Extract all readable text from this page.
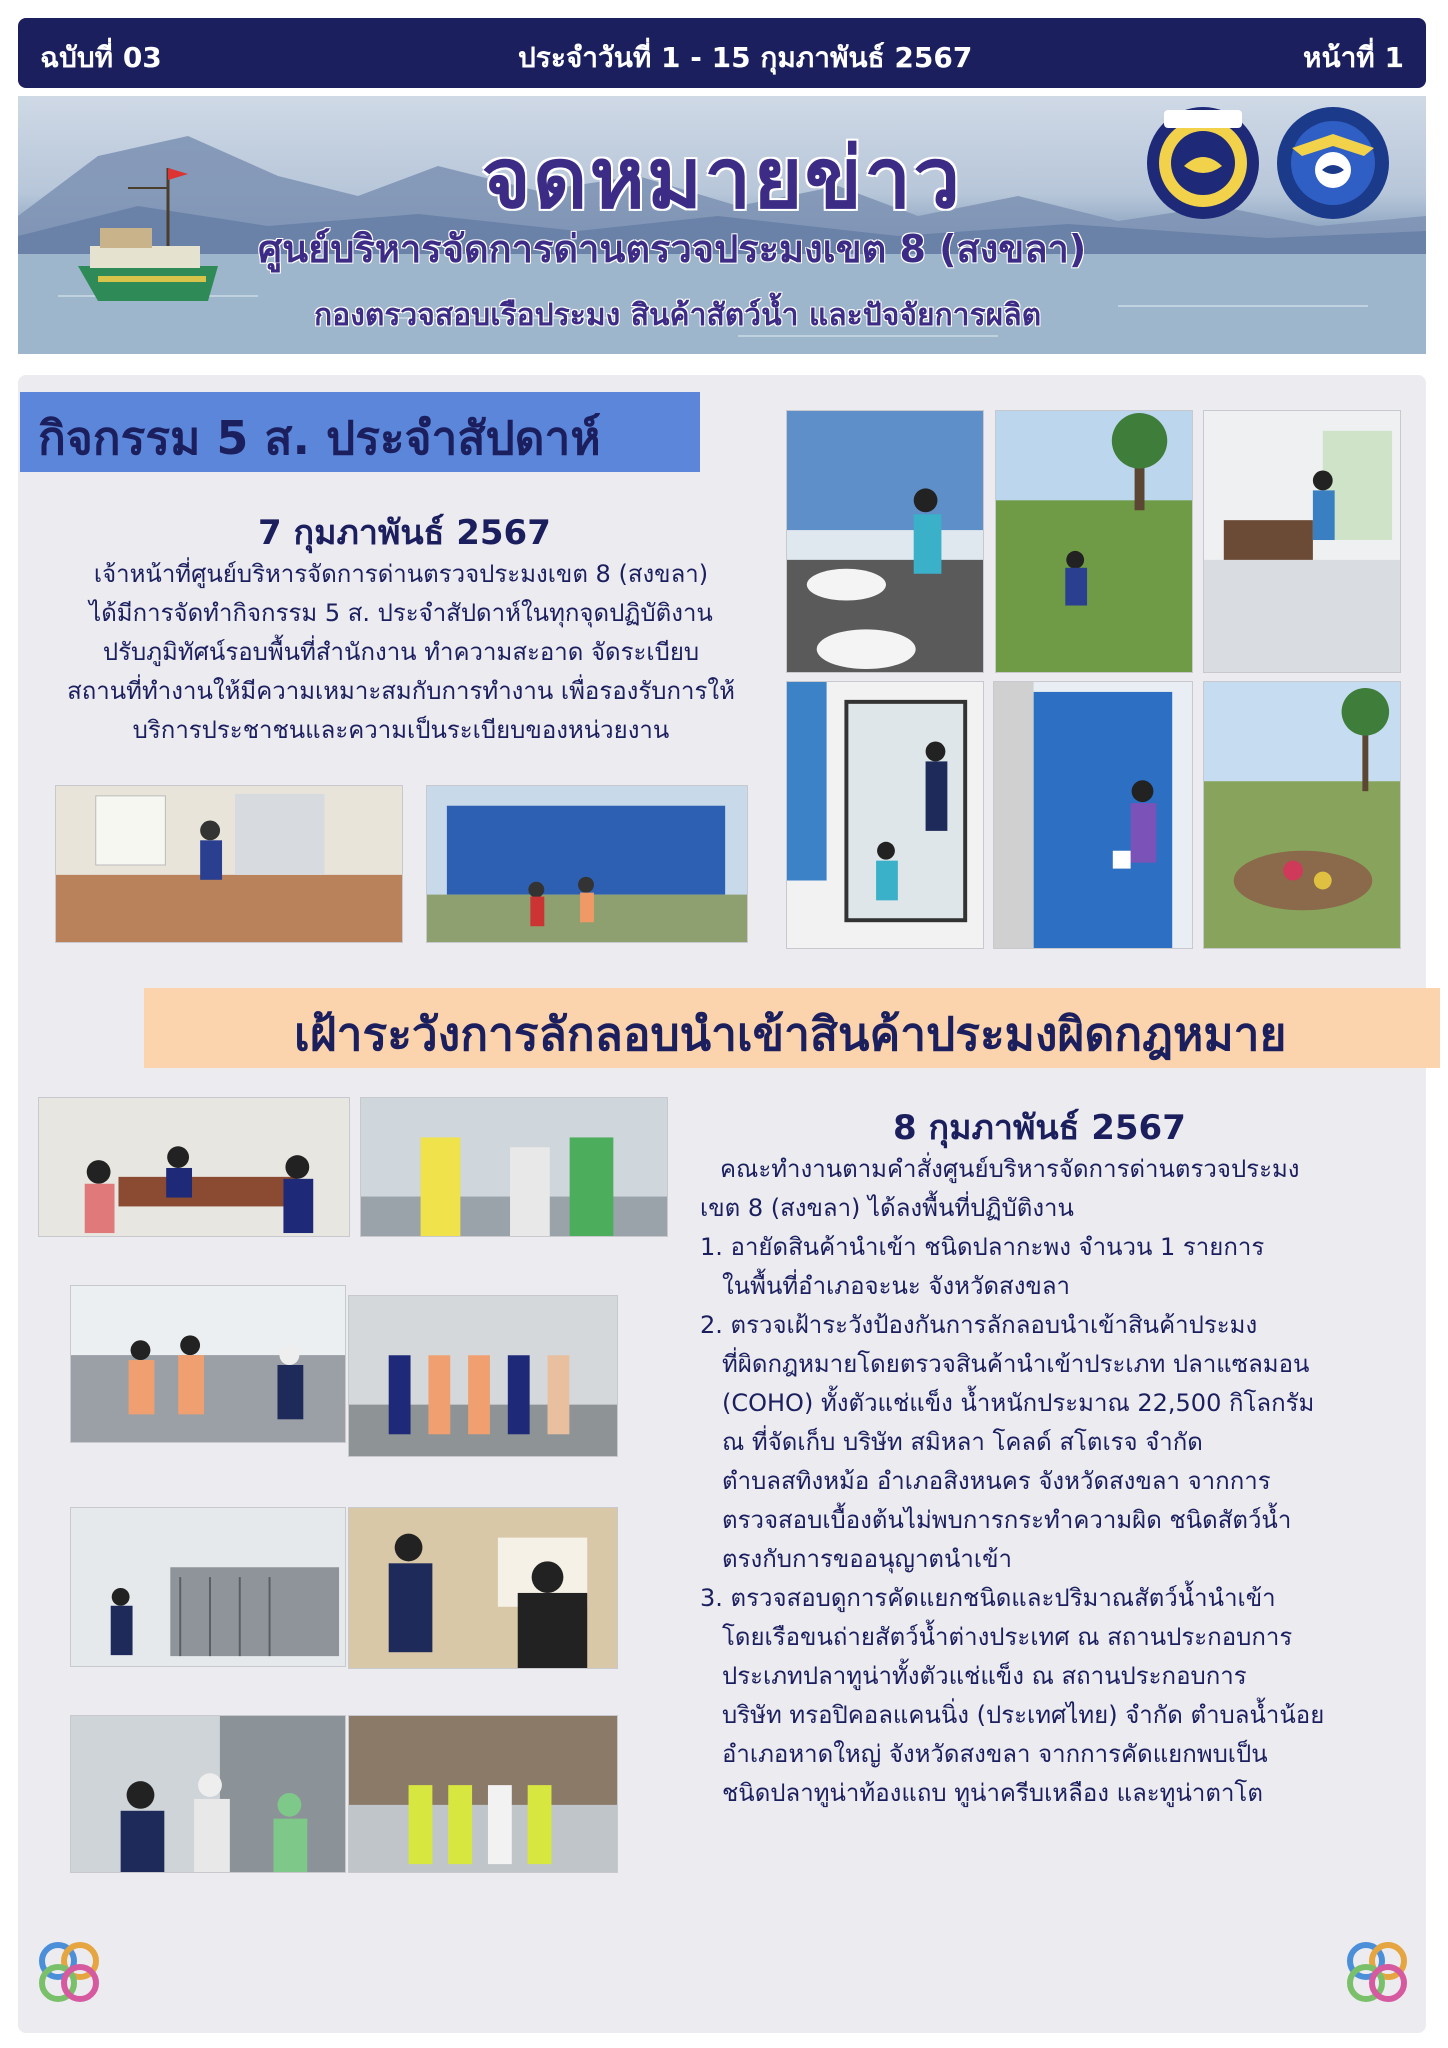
ฉบับที่ 03	ประจำวันที่ 1 - 15 กุมภาพันธ์ 2567	หน้าที่ 1
จดหมายข่าว
ศูนย์บริหารจัดการด่านตรวจประมงเขต 8 (สงขลา)
กองตรวจสอบเรือประมง สินค้าสัตว์น้ำ และปัจจัยการผลิต
กิจกรรม 5 ส. ประจำสัปดาห์
7 กุมภาพันธ์ 2567
เจ้าหน้าที่ศูนย์บริหารจัดการด่านตรวจประมงเขต 8 (สงขลา)
ได้มีการจัดทำกิจกรรม 5 ส. ประจำสัปดาห์ในทุกจุดปฏิบัติงาน
ปรับภูมิทัศน์รอบพื้นที่สำนักงาน ทำความสะอาด จัดระเบียบ
สถานที่ทำงานให้มีความเหมาะสมกับการทำงาน เพื่อรองรับการให้
บริการประชาชนและความเป็นระเบียบของหน่วยงาน
เฝ้าระวังการลักลอบนำเข้าสินค้าประมงผิดกฎหมาย
8 กุมภาพันธ์ 2567
คณะทำงานตามคำสั่งศูนย์บริหารจัดการด่านตรวจประมง
เขต 8 (สงขลา) ได้ลงพื้นที่ปฏิบัติงาน
1. อายัดสินค้านำเข้า ชนิดปลากะพง จำนวน 1 รายการ
ในพื้นที่อำเภอจะนะ จังหวัดสงขลา
2. ตรวจเฝ้าระวังป้องกันการลักลอบนำเข้าสินค้าประมง
ที่ผิดกฎหมายโดยตรวจสินค้านำเข้าประเภท ปลาแซลมอน
(COHO) ทั้งตัวแช่แข็ง น้ำหนักประมาณ 22,500 กิโลกรัม
ณ ที่จัดเก็บ บริษัท สมิหลา โคลด์ สโตเรจ จำกัด
ตำบลสทิงหม้อ อำเภอสิงหนคร จังหวัดสงขลา จากการ
ตรวจสอบเบื้องต้นไม่พบการกระทำความผิด ชนิดสัตว์น้ำ
ตรงกับการขออนุญาตนำเข้า
3. ตรวจสอบดูการคัดแยกชนิดและปริมาณสัตว์น้ำนำเข้า
โดยเรือขนถ่ายสัตว์น้ำต่างประเทศ ณ สถานประกอบการ
ประเภทปลาทูน่าทั้งตัวแช่แข็ง ณ สถานประกอบการ
บริษัท ทรอปิคอลแคนนิ่ง (ประเทศไทย) จำกัด ตำบลน้ำน้อย
อำเภอหาดใหญ่ จังหวัดสงขลา จากการคัดแยกพบเป็น
ชนิดปลาทูน่าท้องแถบ ทูน่าครีบเหลือง และทูน่าตาโต
